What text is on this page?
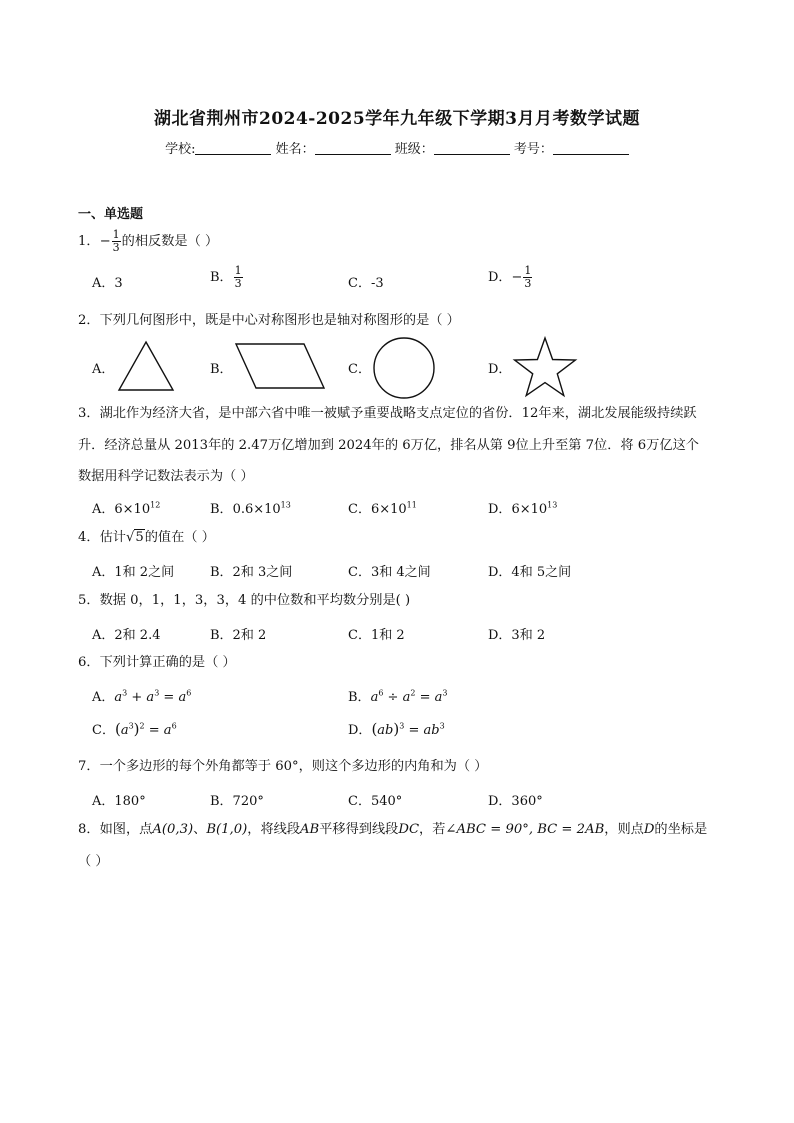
湖北省荆州市2024-2025学年九年级下学期3月月考数学试题
学校:	姓名：	班级：	考号：
一、单选题
1．− $\frac{1}{3}$ 的相反数是（ ）
A．3	B． $\frac{1}{3}$	C．-3	D．− $\frac{1}{3}$
2．下列几何图形中，既是中心对称图形也是轴对称图形的是（ ）
A．	B．	C．	D．
3．湖北作为经济大省，是中部六省中唯一被赋予重要战略支点定位的省份．12年来，湖北发展能级持续跃
升．经济总量从 2013年的 2.47万亿增加到 2024年的 6万亿，排名从第 9位上升至第 7位．将 6万亿这个
数据用科学记数法表示为（ ）
A．$6\times 10^{12}$	B．$0.6\times 10^{13}$	C．$6\times 10^{11}$	D．$6\times 10^{13}$
4．估计√5的值在（ ）
A．1和 2之间	B．2和 3之间	C．3和 4之间	D．4和 5之间
5．数据 0，1，1，3，3，4 的中位数和平均数分别是( )
A．2和 2.4	B．2和 2	C．1和 2	D．3和 2
6．下列计算正确的是（ ）
A．$a^3 + a^3 = a^6$	B．$a^6 \div a^2 = a^3$
C．$(a^3)^2 = a^6$	D．$(ab)^3 = ab^3$
7．一个多边形的每个外角都等于 60°，则这个多边形的内角和为（ ）
A．180°	B．720°	C．540°	D．360°
8．如图，点A(0,3)、B(1,0)，将线段AB平移得到线段DC，若∠ABC = 90°, BC = 2AB，则点D的坐标是
（ ）
